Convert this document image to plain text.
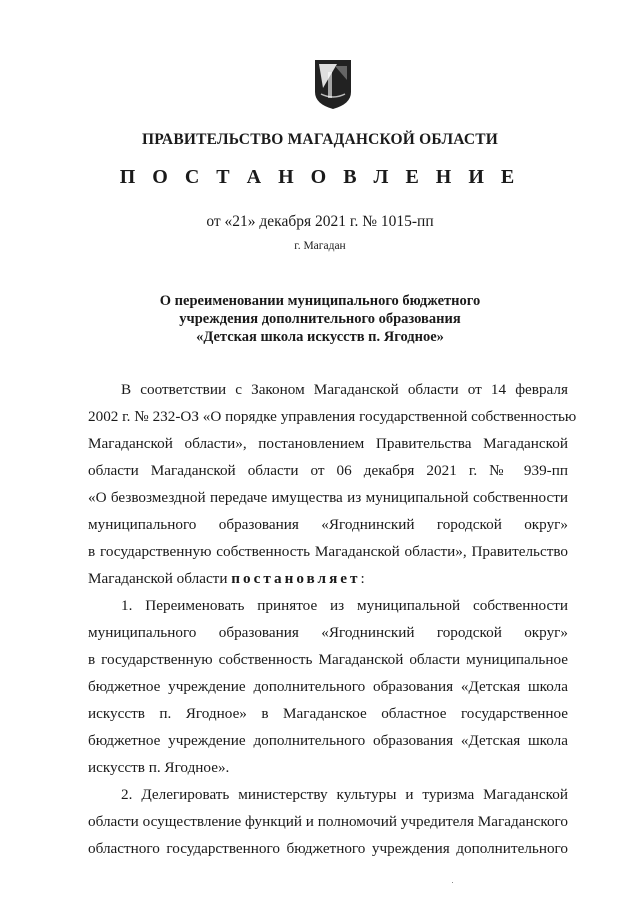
ПРАВИТЕЛЬСТВО МАГАДАНСКОЙ ОБЛАСТИ
П О С Т А Н О В Л Е Н И Е
от «21» декабря 2021 г. № 1015-пп
г. Магадан
О переименовании муниципального бюджетного
учреждения дополнительного образования
«Детская школа искусств п. Ягодное»
В соответствии с Законом Магаданской области от 14 февраля
2002 г. № 232-ОЗ «О порядке управления государственной собственностью
Магаданской области», постановлением Правительства Магаданской
области Магаданской области от 06 декабря 2021 г. № 939-пп
«О безвозмездной передаче имущества из муниципальной собственности
муниципального образования «Ягоднинский городской округ»
в государственную собственность Магаданской области», Правительство
Магаданской области постановляет:
1. Переименовать принятое из муниципальной собственности
муниципального образования «Ягоднинский городской округ»
в государственную собственность Магаданской области муниципальное
бюджетное учреждение дополнительного образования «Детская школа
искусств п. Ягодное» в Магаданское областное государственное
бюджетное учреждение дополнительного образования «Детская школа
искусств п. Ягодное».
2. Делегировать министерству культуры и туризма Магаданской
области осуществление функций и полномочий учредителя Магаданского
областного государственного бюджетного учреждения дополнительного
